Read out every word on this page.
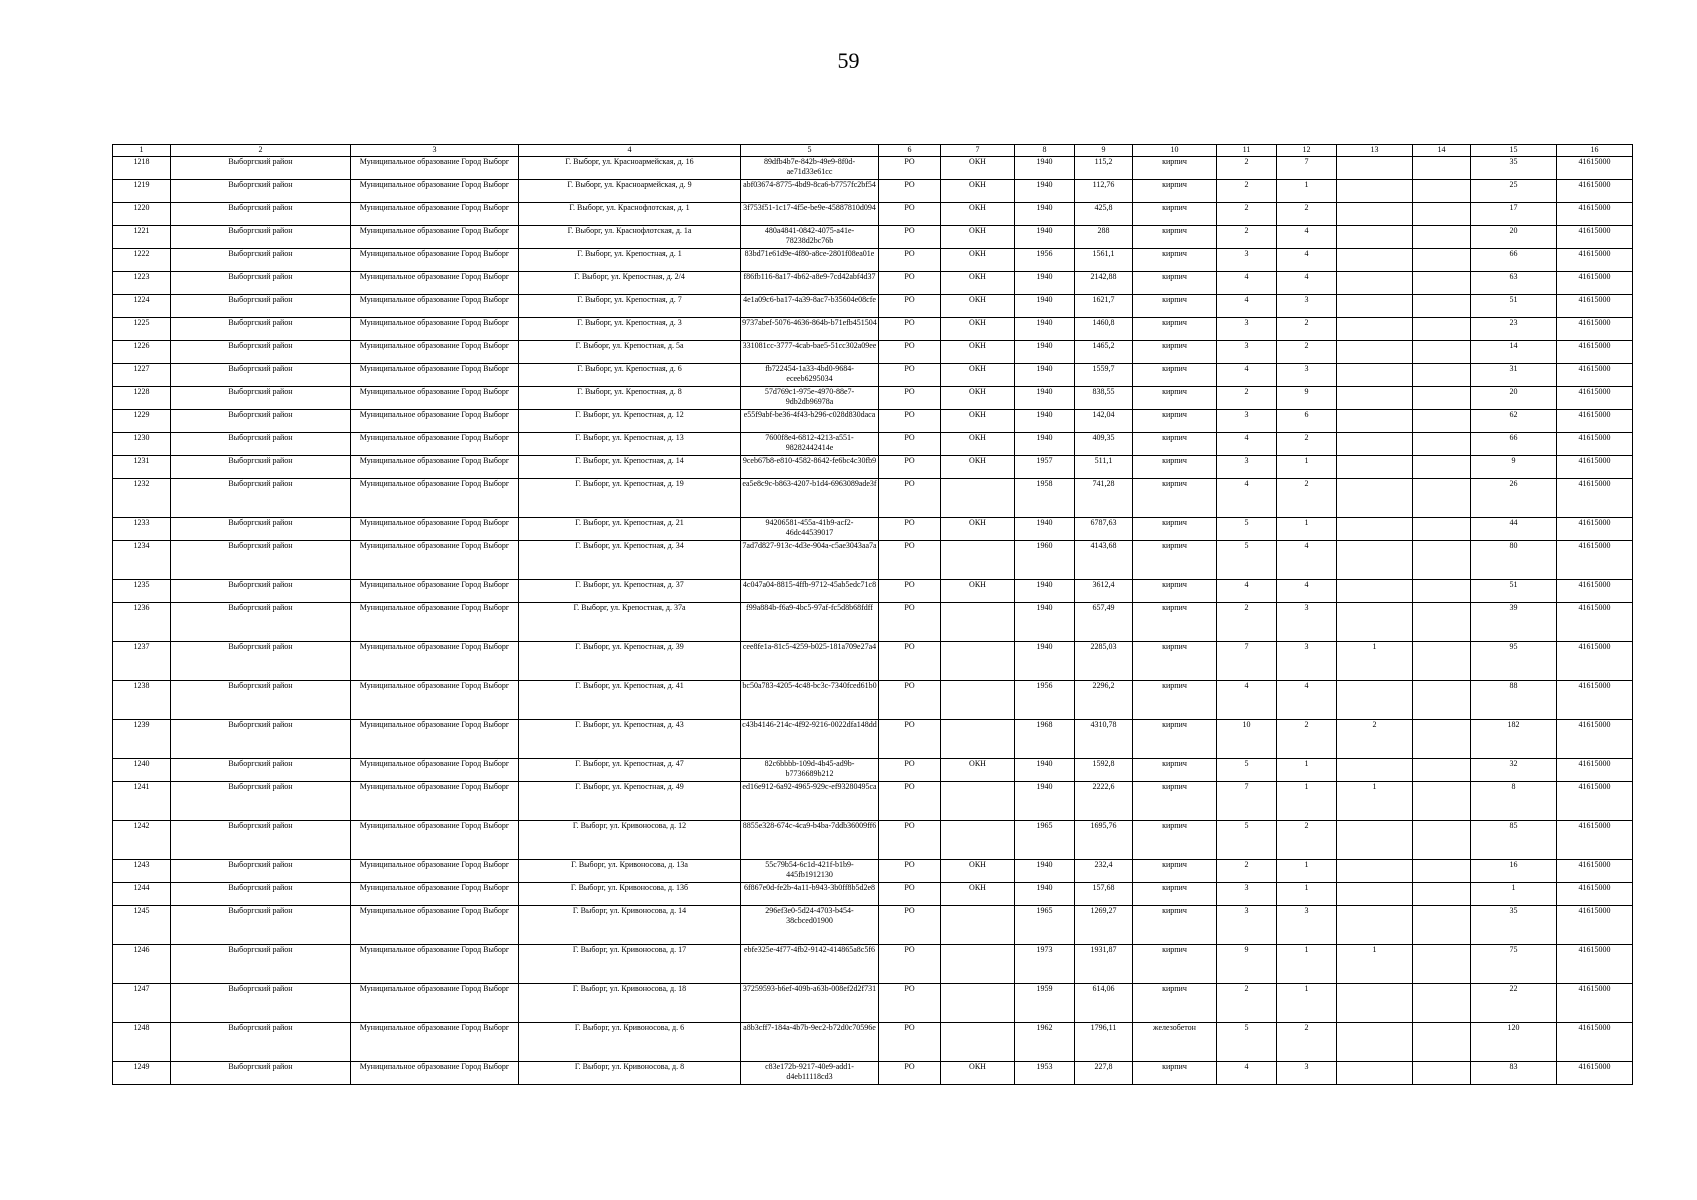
59
1	2	3	4	5	6	7	8	9	10	11	12	13	14	15	16

1218	Выборгский район	Муниципальное образование Город Выборг	Г. Выборг, ул. Красноармейская, д. 16	89dfb4b7e-842b-49e9-8f0d-ae71d33e61cc	РО	ОКН	1940	115,2	кирпич	2	7			35	41615000

1219	Выборгский район	Муниципальное образование Город Выборг	Г. Выборг, ул. Красноармейская, д. 9	abf03674-8775-4bd9-8ca6-b7757fc2bf54	РО	ОКН	1940	112,76	кирпич	2	1			25	41615000

1220	Выборгский район	Муниципальное образование Город Выборг	Г. Выборг, ул. Краснофлотская, д. 1	3f753f51-1c17-4f5e-be9e-45887810d094	РО	ОКН	1940	425,8	кирпич	2	2			17	41615000

1221	Выборгский район	Муниципальное образование Город Выборг	Г. Выборг, ул. Краснофлотская, д. 1а	480a4841-0842-4075-a41e-78238d2bc76b	РО	ОКН	1940	288	кирпич	2	4			20	41615000

1222	Выборгский район	Муниципальное образование Город Выборг	Г. Выборг, ул. Крепостная, д. 1	83bd71e61d9e-4f80-a8ce-2801f08ea01e	РО	ОКН	1956	1561,1	кирпич	3	4			66	41615000

1223	Выборгский район	Муниципальное образование Город Выборг	Г. Выборг, ул. Крепостная, д. 2/4	f86fb116-8a17-4b62-a8e9-7cd42abf4d37	РО	ОКН	1940	2142,88	кирпич	4	4			63	41615000

1224	Выборгский район	Муниципальное образование Город Выборг	Г. Выборг, ул. Крепостная, д. 7	4e1a09c6-ba17-4a39-8ac7-b35604e08cfe	РО	ОКН	1940	1621,7	кирпич	4	3			51	41615000

1225	Выборгский район	Муниципальное образование Город Выборг	Г. Выборг, ул. Крепостная, д. 3	9737abef-5076-4636-864b-b71efb451504	РО	ОКН	1940	1460,8	кирпич	3	2			23	41615000

1226	Выборгский район	Муниципальное образование Город Выборг	Г. Выборг, ул. Крепостная, д. 5а	331081cc-3777-4cab-bae5-51cc302a09ee	РО	ОКН	1940	1465,2	кирпич	3	2			14	41615000

1227	Выборгский район	Муниципальное образование Город Выборг	Г. Выборг, ул. Крепостная, д. 6	fb722454-1a33-4bd0-9684-eceeb6295034	РО	ОКН	1940	1559,7	кирпич	4	3			31	41615000

1228	Выборгский район	Муниципальное образование Город Выборг	Г. Выборг, ул. Крепостная, д. 8	57d769c1-975e-4970-88e7-9db2db96978a	РО	ОКН	1940	838,55	кирпич	2	9			20	41615000

1229	Выборгский район	Муниципальное образование Город Выборг	Г. Выборг, ул. Крепостная, д. 12	e55f9abf-be36-4f43-b296-c028d830daca	РО	ОКН	1940	142,04	кирпич	3	6			62	41615000

1230	Выборгский район	Муниципальное образование Город Выборг	Г. Выборг, ул. Крепостная, д. 13	7600f8e4-6812-4213-a551-98282442414e	РО	ОКН	1940	409,35	кирпич	4	2			66	41615000

1231	Выборгский район	Муниципальное образование Город Выборг	Г. Выборг, ул. Крепостная, д. 14	9ceb67b8-e810-4582-8642-fe6bc4c30fb9	РО	ОКН	1957	511,1	кирпич	3	1			9	41615000

1232	Выборгский район	Муниципальное образование Город Выборг	Г. Выборг, ул. Крепостная, д. 19	ea5e8c9c-b863-4207-b1d4-6963089ade3f	РО		1958	741,28	кирпич	4	2			26	41615000

1233	Выборгский район	Муниципальное образование Город Выборг	Г. Выборг, ул. Крепостная, д. 21	94206581-455a-41b9-acf2-46dc44539017	РО	ОКН	1940	6787,63	кирпич	5	1			44	41615000

1234	Выборгский район	Муниципальное образование Город Выборг	Г. Выборг, ул. Крепостная, д. 34	7ad7d827-913c-4d3e-904a-c5ae3043aa7a	РО		1960	4143,68	кирпич	5	4			80	41615000

1235	Выборгский район	Муниципальное образование Город Выборг	Г. Выборг, ул. Крепостная, д. 37	4c047a04-8815-4ffb-9712-45ab5edc71c8	РО	ОКН	1940	3612,4	кирпич	4	4			51	41615000

1236	Выборгский район	Муниципальное образование Город Выборг	Г. Выборг, ул. Крепостная, д. 37а	f99a884b-f6a9-4bc5-97af-fc5d8b68fdff	РО		1940	657,49	кирпич	2	3			39	41615000

1237	Выборгский район	Муниципальное образование Город Выборг	Г. Выборг, ул. Крепостная, д. 39	cee8fe1a-81c5-4259-b025-181a709e27a4	РО		1940	2285,03	кирпич	7	3	1		95	41615000

1238	Выборгский район	Муниципальное образование Город Выборг	Г. Выборг, ул. Крепостная, д. 41	bc50a783-4205-4c48-bc3c-7340fced61b0	РО		1956	2296,2	кирпич	4	4			88	41615000

1239	Выборгский район	Муниципальное образование Город Выборг	Г. Выборг, ул. Крепостная, д. 43	c43b4146-214c-4f92-9216-0022dfa148dd	РО		1968	4310,78	кирпич	10	2	2		182	41615000

1240	Выборгский район	Муниципальное образование Город Выборг	Г. Выборг, ул. Крепостная, д. 47	82c6bbbb-109d-4b45-ad9b-b7736689b212	РО	ОКН	1940	1592,8	кирпич	5	1			32	41615000

1241	Выборгский район	Муниципальное образование Город Выборг	Г. Выборг, ул. Крепостная, д. 49	ed16e912-6a92-4965-929c-ef93280495ca	РО		1940	2222,6	кирпич	7	1	1		8	41615000

1242	Выборгский район	Муниципальное образование Город Выборг	Г. Выборг, ул. Кривоносова, д. 12	8855e328-674c-4ca9-b4ba-7ddb36009ff6	РО		1965	1695,76	кирпич	5	2			85	41615000

1243	Выборгский район	Муниципальное образование Город Выборг	Г. Выборг, ул. Кривоносова, д. 13а	55c79b54-6c1d-421f-b1b9-445fb1912130	РО	ОКН	1940	232,4	кирпич	2	1			16	41615000

1244	Выборгский район	Муниципальное образование Город Выборг	Г. Выборг, ул. Кривоносова, д. 13б	6f867e0d-fe2b-4a11-b943-3b0ff8b5d2e8	РО	ОКН	1940	157,68	кирпич	3	1			1	41615000

1245	Выборгский район	Муниципальное образование Город Выборг	Г. Выборг, ул. Кривоносова, д. 14	296ef3e0-5d24-4703-b454-38cbced01900	РО		1965	1269,27	кирпич	3	3			35	41615000

1246	Выборгский район	Муниципальное образование Город Выборг	Г. Выборг, ул. Кривоносова, д. 17	ebfe325e-4f77-4fb2-9142-414865a8c5f6	РО		1973	1931,87	кирпич	9	1	1		75	41615000

1247	Выборгский район	Муниципальное образование Город Выборг	Г. Выборг, ул. Кривоносова, д. 18	37259593-b6ef-409b-a63b-008ef2d2f731	РО		1959	614,06	кирпич	2	1			22	41615000

1248	Выборгский район	Муниципальное образование Город Выборг	Г. Выборг, ул. Кривоносова, д. 6	a8b3cff7-184a-4b7b-9ec2-b72d0c70596e	РО		1962	1796,11	железобетон	5	2			120	41615000

1249	Выборгский район	Муниципальное образование Город Выборг	Г. Выборг, ул. Кривоносова, д. 8	c83e172b-9217-40e9-add1-d4eb11118cd3	РО	ОКН	1953	227,8	кирпич	4	3			83	41615000
